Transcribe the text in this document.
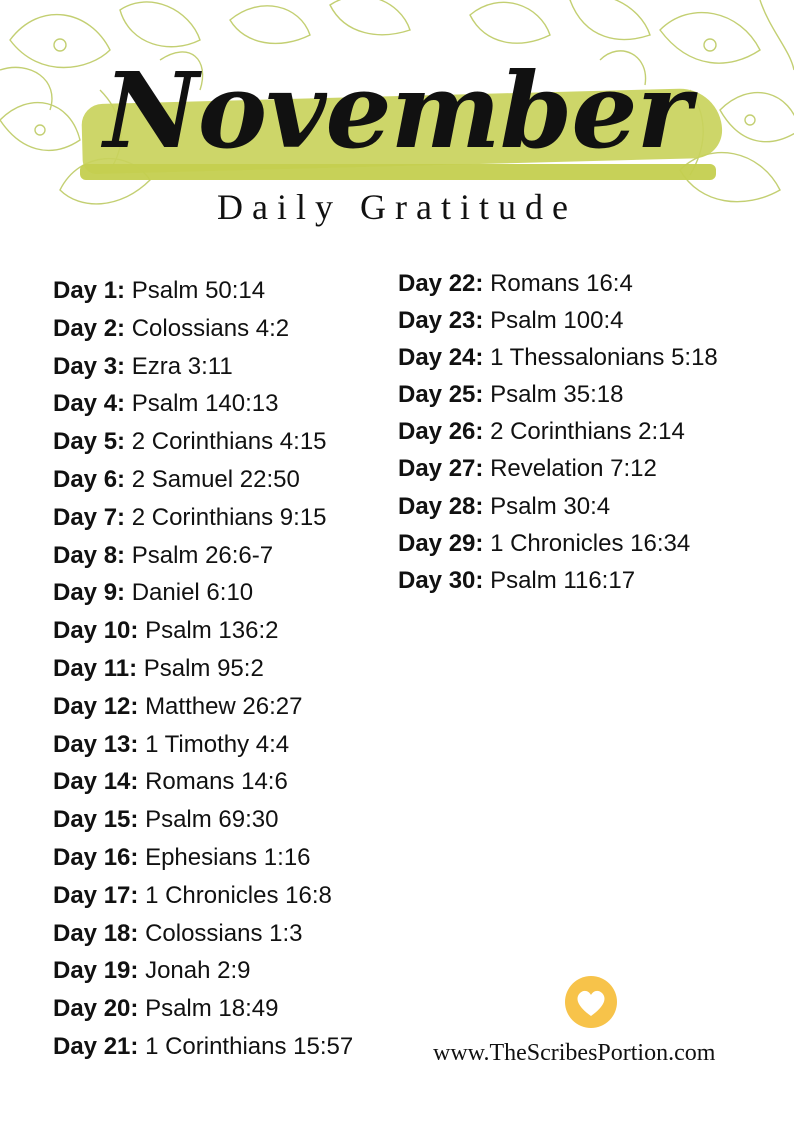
November
Daily Gratitude
Day 1: Psalm 50:14
Day 2: Colossians 4:2
Day 3: Ezra 3:11
Day 4: Psalm 140:13
Day 5: 2 Corinthians 4:15
Day 6: 2 Samuel 22:50
Day 7: 2 Corinthians 9:15
Day 8: Psalm 26:6-7
Day 9: Daniel 6:10
Day 10: Psalm 136:2
Day 11: Psalm 95:2
Day 12: Matthew 26:27
Day 13: 1 Timothy 4:4
Day 14: Romans 14:6
Day 15: Psalm 69:30
Day 16: Ephesians 1:16
Day 17: 1 Chronicles 16:8
Day 18: Colossians 1:3
Day 19: Jonah 2:9
Day 20: Psalm 18:49
Day 21: 1 Corinthians 15:57
Day 22: Romans 16:4
Day 23: Psalm 100:4
Day 24: 1 Thessalonians 5:18
Day 25: Psalm 35:18
Day 26: 2 Corinthians 2:14
Day 27: Revelation 7:12
Day 28: Psalm 30:4
Day 29: 1 Chronicles 16:34
Day 30: Psalm 116:17
www.TheScribesPortion.com
